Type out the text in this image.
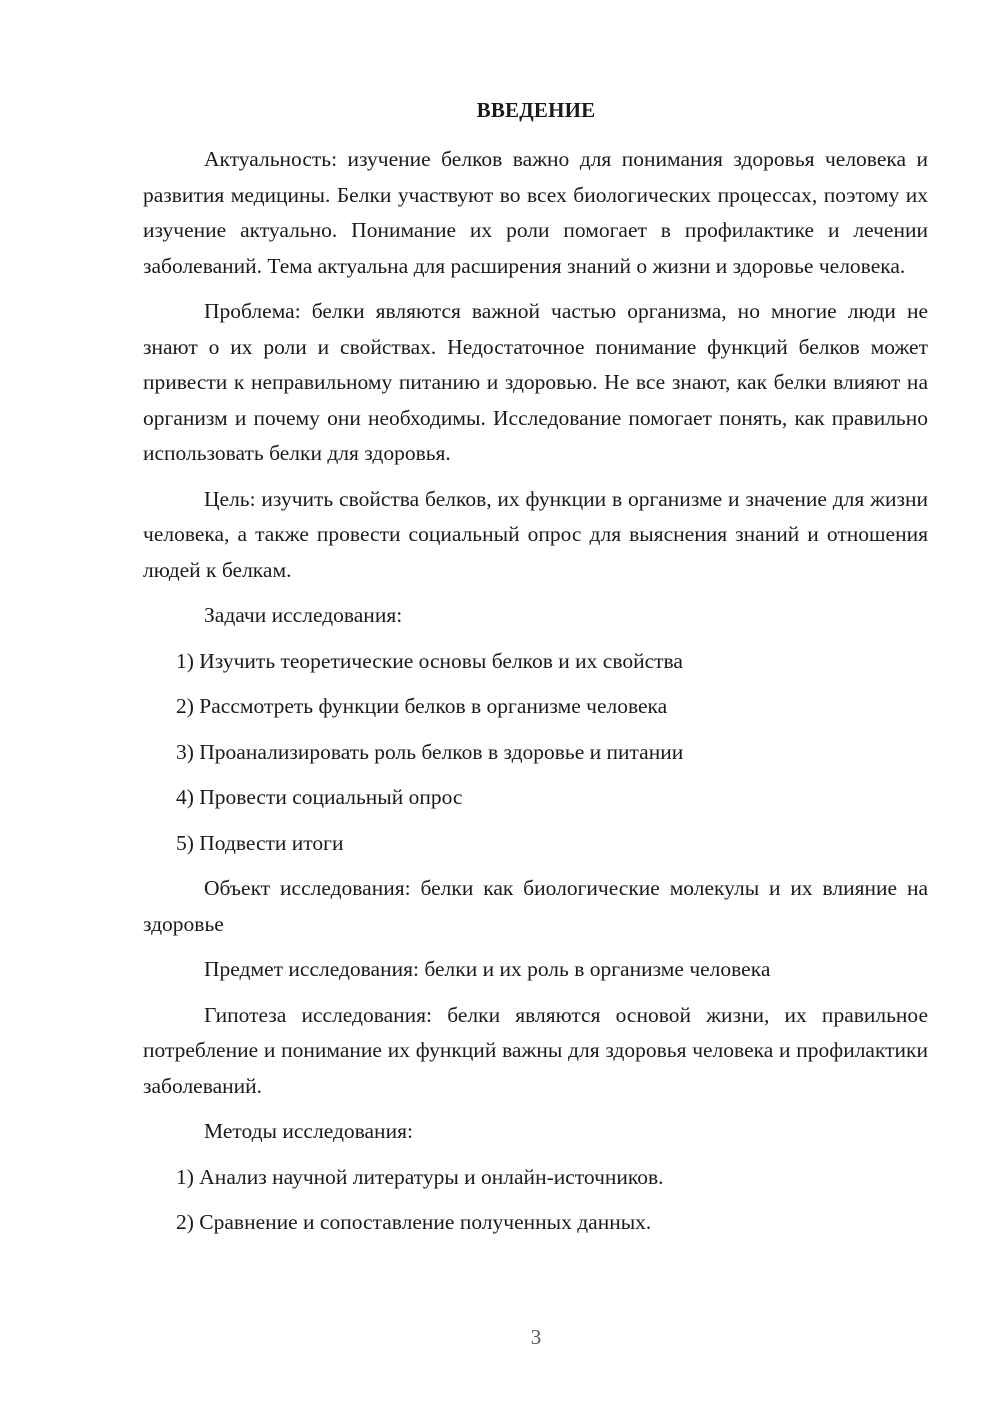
ВВЕДЕНИЕ

Актуальность: изучение белков важно для понимания здоровья человека и развития медицины. Белки участвуют во всех биологических процессах, поэтому их изучение актуально. Понимание их роли помогает в профилактике и лечении заболеваний. Тема актуальна для расширения знаний о жизни и здоровье человека.

Проблема: белки являются важной частью организма, но многие люди не знают о их роли и свойствах. Недостаточное понимание функций белков может привести к неправильному питанию и здоровью. Не все знают, как белки влияют на организм и почему они необходимы. Исследование помогает понять, как правильно использовать белки для здоровья.

Цель: изучить свойства белков, их функции в организме и значение для жизни человека, а также провести социальный опрос для выяснения знаний и отношения людей к белкам.

Задачи исследования:

1) Изучить теоретические основы белков и их свойства
2) Рассмотреть функции белков в организме человека
3) Проанализировать роль белков в здоровье и питании
4) Провести социальный опрос
5) Подвести итоги

Объект исследования: белки как биологические молекулы и их влияние на здоровье

Предмет исследования: белки и их роль в организме человека

Гипотеза исследования: белки являются основой жизни, их правильное потребление и понимание их функций важны для здоровья человека и профилактики заболеваний.

Методы исследования:

1) Анализ научной литературы и онлайн-источников.
2) Сравнение и сопоставление полученных данных.
3
